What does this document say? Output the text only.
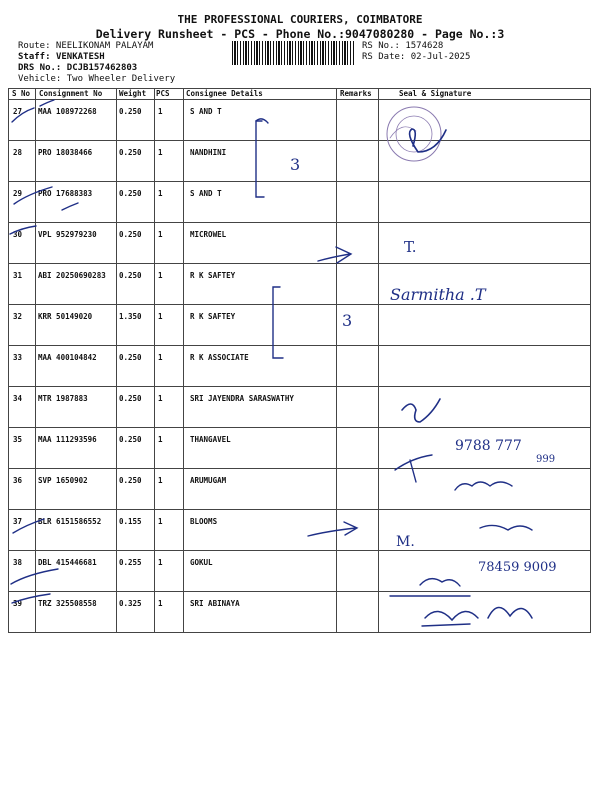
THE PROFESSIONAL COURIERS, COIMBATORE
Delivery Runsheet - PCS - Phone No.:9047080280 - Page No.:3
Route: NEELIKONAM PALAYAM
Staff: VENKATESH
DRS No.: DCJB157462803
Vehicle: Two Wheeler Delivery
RS No.: 1574628
RS Date: 02-Jul-2025
S No Consignment No Weight PCS Consignee Details	Remarks	Seal & Signature
27 MAA 108972268	0.250 1	S AND T
28 PRO 18038466	0.250 1	NANDHINI
29 PRO 17688383	0.250 1	S AND T
30 VPL 952979230	0.250 1	MICROWEL
31 ABI 20250690283 0.250 1	R K SAFTEY
32 KRR 50149020	1.350 1	R K SAFTEY
33 MAA 400104842	0.250 1	R K ASSOCIATE
34 MTR 1987883	0.250 1	SRI JAYENDRA SARASWATHY
35 MAA 111293596	0.250 1	THANGAVEL
36 SVP 1650902	0.250 1	ARUMUGAM
37 BLR 6151586552 0.155 1	BLOOMS
38 DBL 415446681	0.255 1	GOKUL
39 TRZ 325508558	0.325 1	SRI ABINAYA
3
3
T.
Sarmitha .T
9788 777
999
M.
78459 9009
